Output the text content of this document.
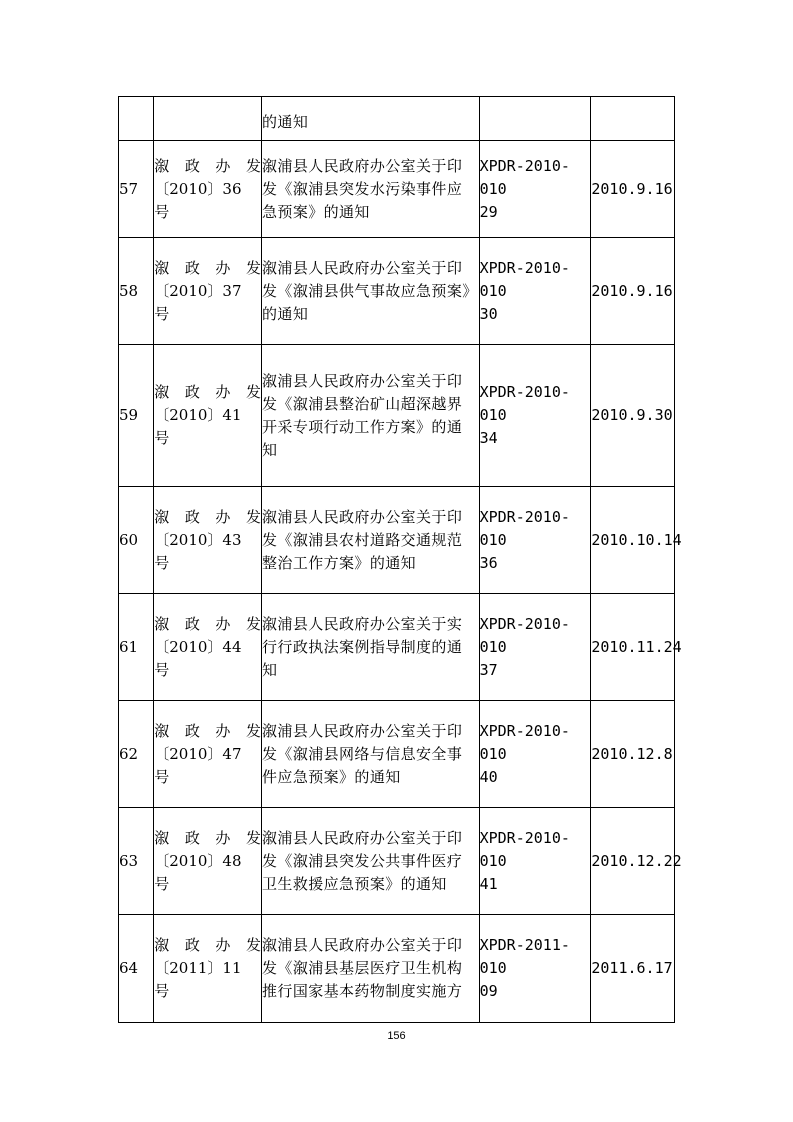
		的通知		

57	溆 政 办 发
〔2010〕36 号	溆浦县人民政府办公室关于印
发《溆浦县突发水污染事件应
急预案》的通知	XPDR-2010-010
29	2010.9.16
58	溆 政 办 发
〔2010〕37 号	溆浦县人民政府办公室关于印
发《溆浦县供气事故应急预案》
的通知	XPDR-2010-010
30	2010.9.16
59	溆 政 办 发
〔2010〕41 号	溆浦县人民政府办公室关于印
发《溆浦县整治矿山超深越界
开采专项行动工作方案》的通
知	XPDR-2010-010
34	2010.9.30
60	溆 政 办 发
〔2010〕43 号	溆浦县人民政府办公室关于印
发《溆浦县农村道路交通规范
整治工作方案》的通知	XPDR-2010-010
36	2010.10.14
61	溆 政 办 发
〔2010〕44 号	溆浦县人民政府办公室关于实
行行政执法案例指导制度的通
知	XPDR-2010-010
37	2010.11.24
62	溆 政 办 发
〔2010〕47 号	溆浦县人民政府办公室关于印
发《溆浦县网络与信息安全事
件应急预案》的通知	XPDR-2010-010
40	2010.12.8
63	溆 政 办 发
〔2010〕48 号	溆浦县人民政府办公室关于印
发《溆浦县突发公共事件医疗
卫生救援应急预案》的通知	XPDR-2010-010
41	2010.12.22
64	溆 政 办 发
〔2011〕11 号	溆浦县人民政府办公室关于印
发《溆浦县基层医疗卫生机构
推行国家基本药物制度实施方	XPDR-2011-010
09	2011.6.17
156
